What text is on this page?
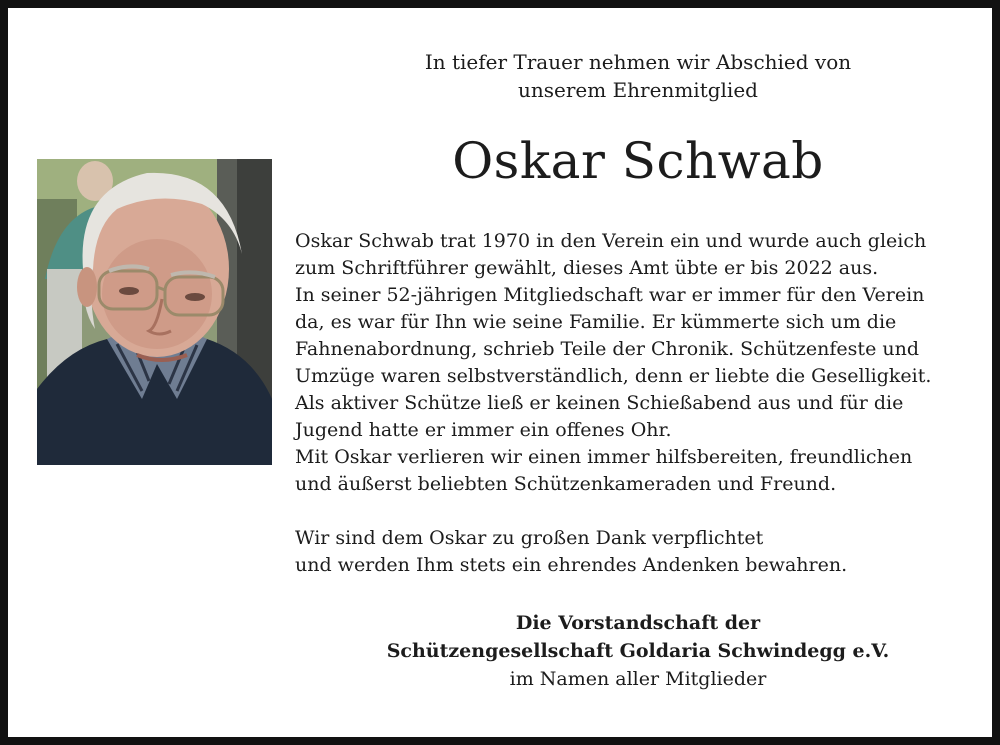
In tiefer Trauer nehmen wir Abschied von
unserem Ehrenmitglied
Oskar Schwab
Oskar Schwab trat 1970 in den Verein ein und wurde auch gleich
zum Schriftführer gewählt, dieses Amt übte er bis 2022 aus.
In seiner 52-jährigen Mitgliedschaft war er immer für den Verein
da, es war für Ihn wie seine Familie. Er kümmerte sich um die
Fahnenabordnung, schrieb Teile der Chronik. Schützenfeste und
Umzüge waren selbstverständlich, denn er liebte die Geselligkeit.
Als aktiver Schütze ließ er keinen Schießabend aus und für die
Jugend hatte er immer ein offenes Ohr.
Mit Oskar verlieren wir einen immer hilfsbereiten, freundlichen
und äußerst beliebten Schützenkameraden und Freund.
Wir sind dem Oskar zu großen Dank verpflichtet
und werden Ihm stets ein ehrendes Andenken bewahren.
Die Vorstandschaft der
Schützengesellschaft Goldaria Schwindegg e.V.
im Namen aller Mitglieder
